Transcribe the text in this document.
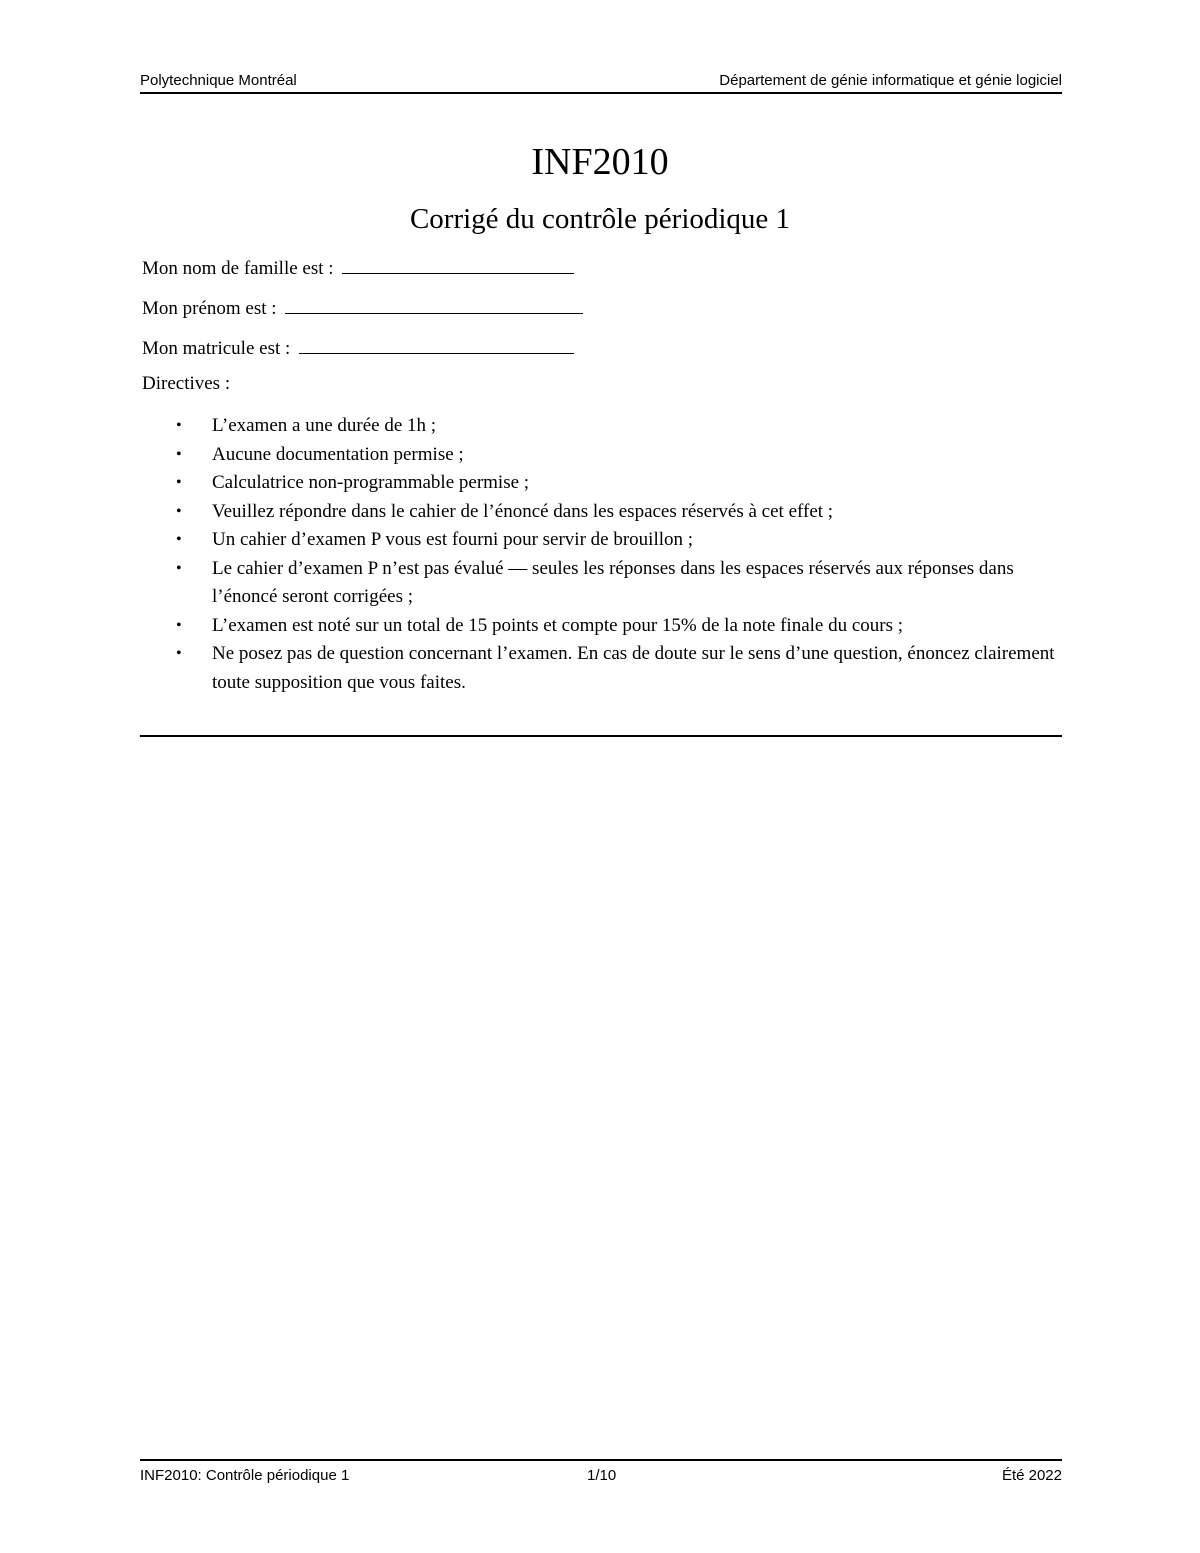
Polytechnique Montréal	Département de génie informatique et génie logiciel
INF2010
Corrigé du contrôle périodique 1
Mon nom de famille est :
Mon prénom est :
Mon matricule est :
Directives :
• L’examen a une durée de 1h ;
• Aucune documentation permise ;
• Calculatrice non-programmable permise ;
• Veuillez répondre dans le cahier de l’énoncé dans les espaces réservés à cet effet ;
• Un cahier d’examen P vous est fourni pour servir de brouillon ;
• Le cahier d’examen P n’est pas évalué — seules les réponses dans les espaces réservés aux réponses dans l’énoncé seront corrigées ;
• L’examen est noté sur un total de 15 points et compte pour 15% de la note finale du cours ;
• Ne posez pas de question concernant l’examen. En cas de doute sur le sens d’une question, énoncez clairement toute supposition que vous faites.
INF2010: Contrôle périodique 1	1/10	Été 2022
